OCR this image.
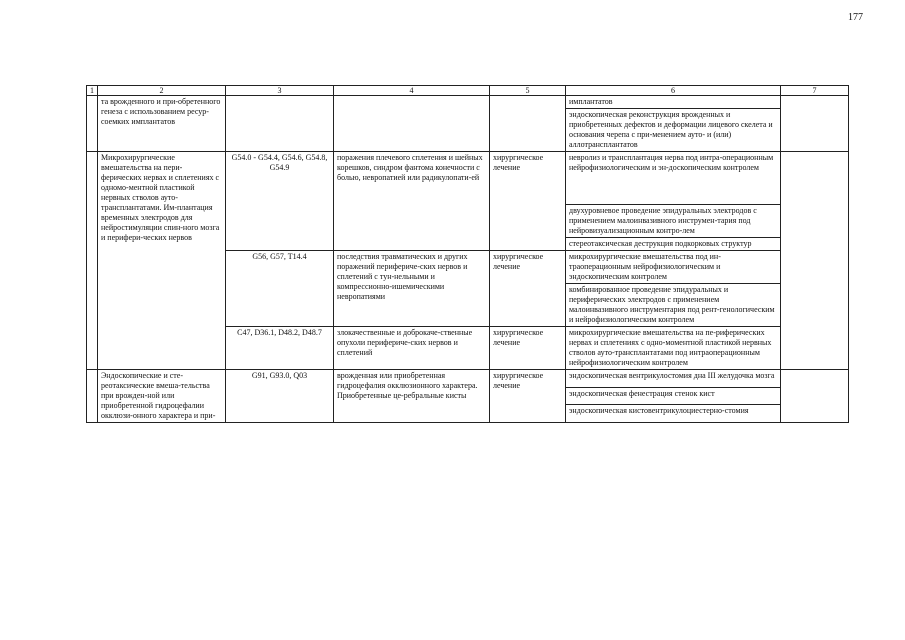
177
1	2	3	4	5	6	7
	та врожденного и при-обретенного генеза с использованием ресур-соемких имплантатов				имплантатов	
					эндоскопическая реконструкция врожденных и приобретенных дефектов и деформации лицевого скелета и основания черепа с при-менением ауто- и (или) аллотрансплантатов	
	Микрохирургические вмешательства на пери-ферических нервах и сплетениях с одномо-ментной пластикой нервных стволов ауто-трансплантатами. Им-плантация временных электродов для нейростимуляции спин-ного мозга и перифери-ческих нервов	G54.0 - G54.4, G54.6, G54.8, G54.9	поражения плечевого сплетения и шейных корешков, синдром фантома конечности с болью, невропатией или радикулопати-ей	хирургическое лечение	невролиз и трансплантация нерва под интра-операционным нейрофизиологическим и эн-доскопическим контролем	
					двухуровневое проведение эпидуральных электродов с применением малоинвазивного инструмен-тария под нейровизуализационным контро-лем	
					стереотаксическая деструкция подкорковых структур	
		G56, G57, T14.4	последствия травматических и других поражений перифериче-ских нервов и сплетений с тун-нельными и компрессионно-ишемическими невропатиями	хирургическое лечение	микрохирургические вмешательства под ин-траоперационным нейрофизиологическим и эндоскопическим контролем	
					комбинированное проведение эпидуральных и периферических электродов с применением малоинвазивного инструментария под рент-генологическим и нейрофизиологическим контролем	
		C47, D36.1, D48.2, D48.7	злокачественные и доброкаче-ственные опухоли перифериче-ских нервов и сплетений	хирургическое лечение	микрохирургические вмешательства на пе-риферических нервах и сплетениях с одно-моментной пластикой нервных стволов ауто-трансплантатами под интраоперационным нейрофизиологическим контролем	

	Эндоскопические и сте-реотаксические вмеша-тельства при врожден-ной или приобретенной гидроцефалии окклюзи-онного характера и при-	G91, G93.0, Q03	врожденная или приобретенная гидроцефалия окклюзионного характера. Приобретенные це-ребральные кисты	хирургическое лечение	эндоскопическая вентрикулостомия дна III желудочка мозга	
					эндоскопическая фенестрация стенок кист	
					эндоскопическая кистовентрикулоциестерно-стомия	
